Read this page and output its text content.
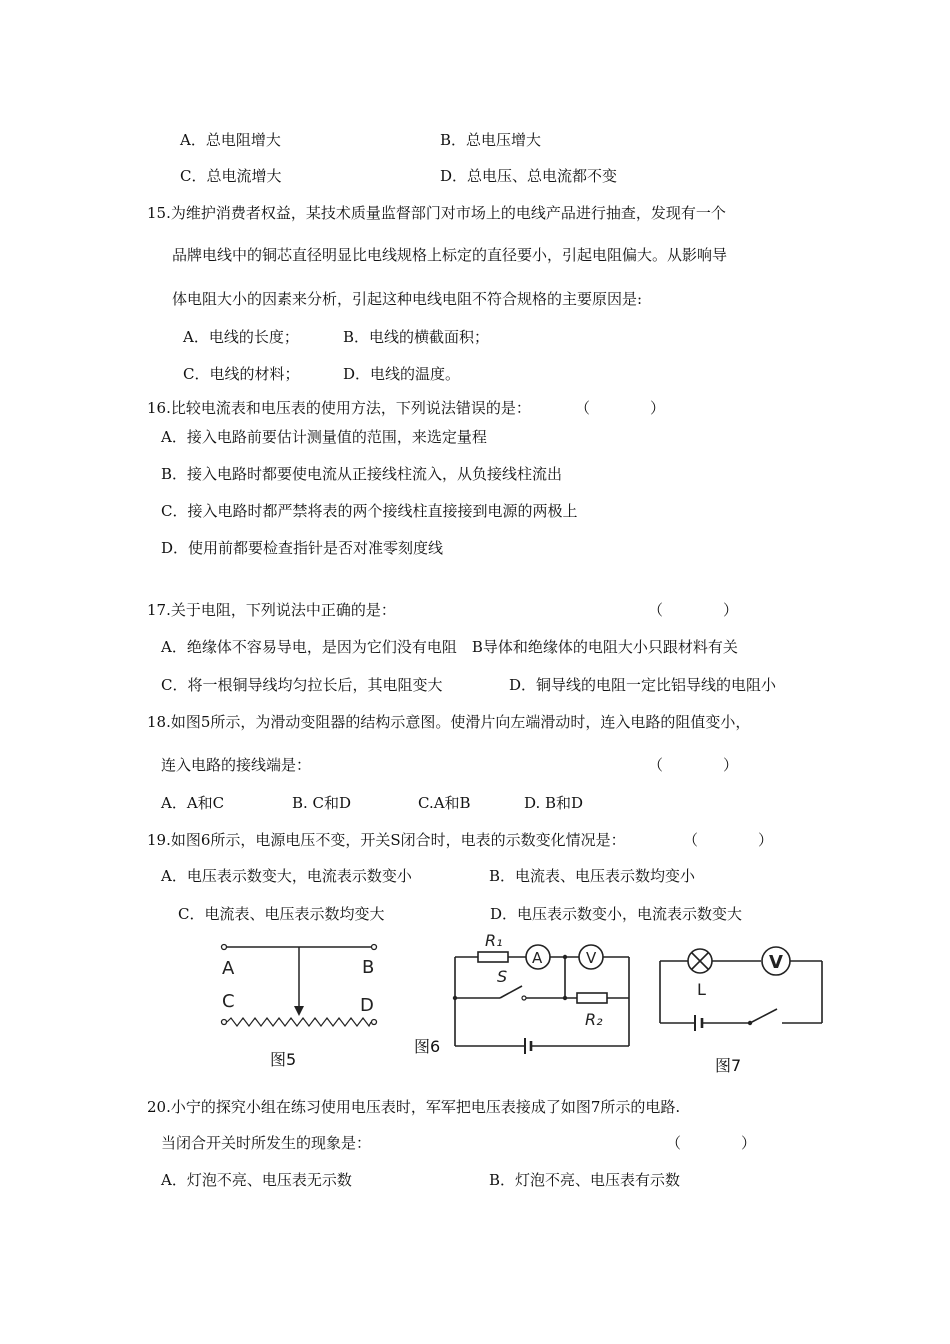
A．总电阻增大	B．总电压增大
C．总电流增大	D．总电压、总电流都不变
15.为维护消费者权益，某技术质量监督部门对市场上的电线产品进行抽查，发现有一个
品牌电线中的铜芯直径明显比电线规格上标定的直径要小，引起电阻偏大。从影响导
体电阻大小的因素来分析，引起这种电线电阻不符合规格的主要原因是:
A．电线的长度；	B．电线的横截面积；
C．电线的材料；	D．电线的温度。
16.比较电流表和电压表的使用方法，下列说法错误的是：	（　　　　）
A．接入电路前要估计测量值的范围，来选定量程
B．接入电路时都要使电流从正接线柱流入，从负接线柱流出
C．接入电路时都严禁将表的两个接线柱直接接到电源的两极上
D．使用前都要检查指针是否对准零刻度线
17.关于电阻，下列说法中正确的是：	（　　　　）
A．绝缘体不容易导电，是因为它们没有电阻　B导体和绝缘体的电阻大小只跟材料有关
C．将一根铜导线均匀拉长后，其电阻变大	D．铜导线的电阻一定比铝导线的电阻小
18.如图5所示，为滑动变阻器的结构示意图。使滑片向左端滑动时，连入电路的阻值变小，
连入电路的接线端是：	（　　　　）
A．A和C	B. C和D	C.A和B	D. B和D
19.如图6所示，电源电压不变，开关S闭合时，电表的示数变化情况是：	（　　　　）
A．电压表示数变大，电流表示数变小	B．电流表、电压表示数均变小
C．电流表、电压表示数均变大	D．电压表示数变小，电流表示数变大
A	B
C	D
图5
R₁
A	V
S
R₂
图6
V
L
图7
20.小宁的探究小组在练习使用电压表时，军军把电压表接成了如图7所示的电路.
当闭合开关时所发生的现象是：	（　　　　）
A．灯泡不亮、电压表无示数	B．灯泡不亮、电压表有示数
